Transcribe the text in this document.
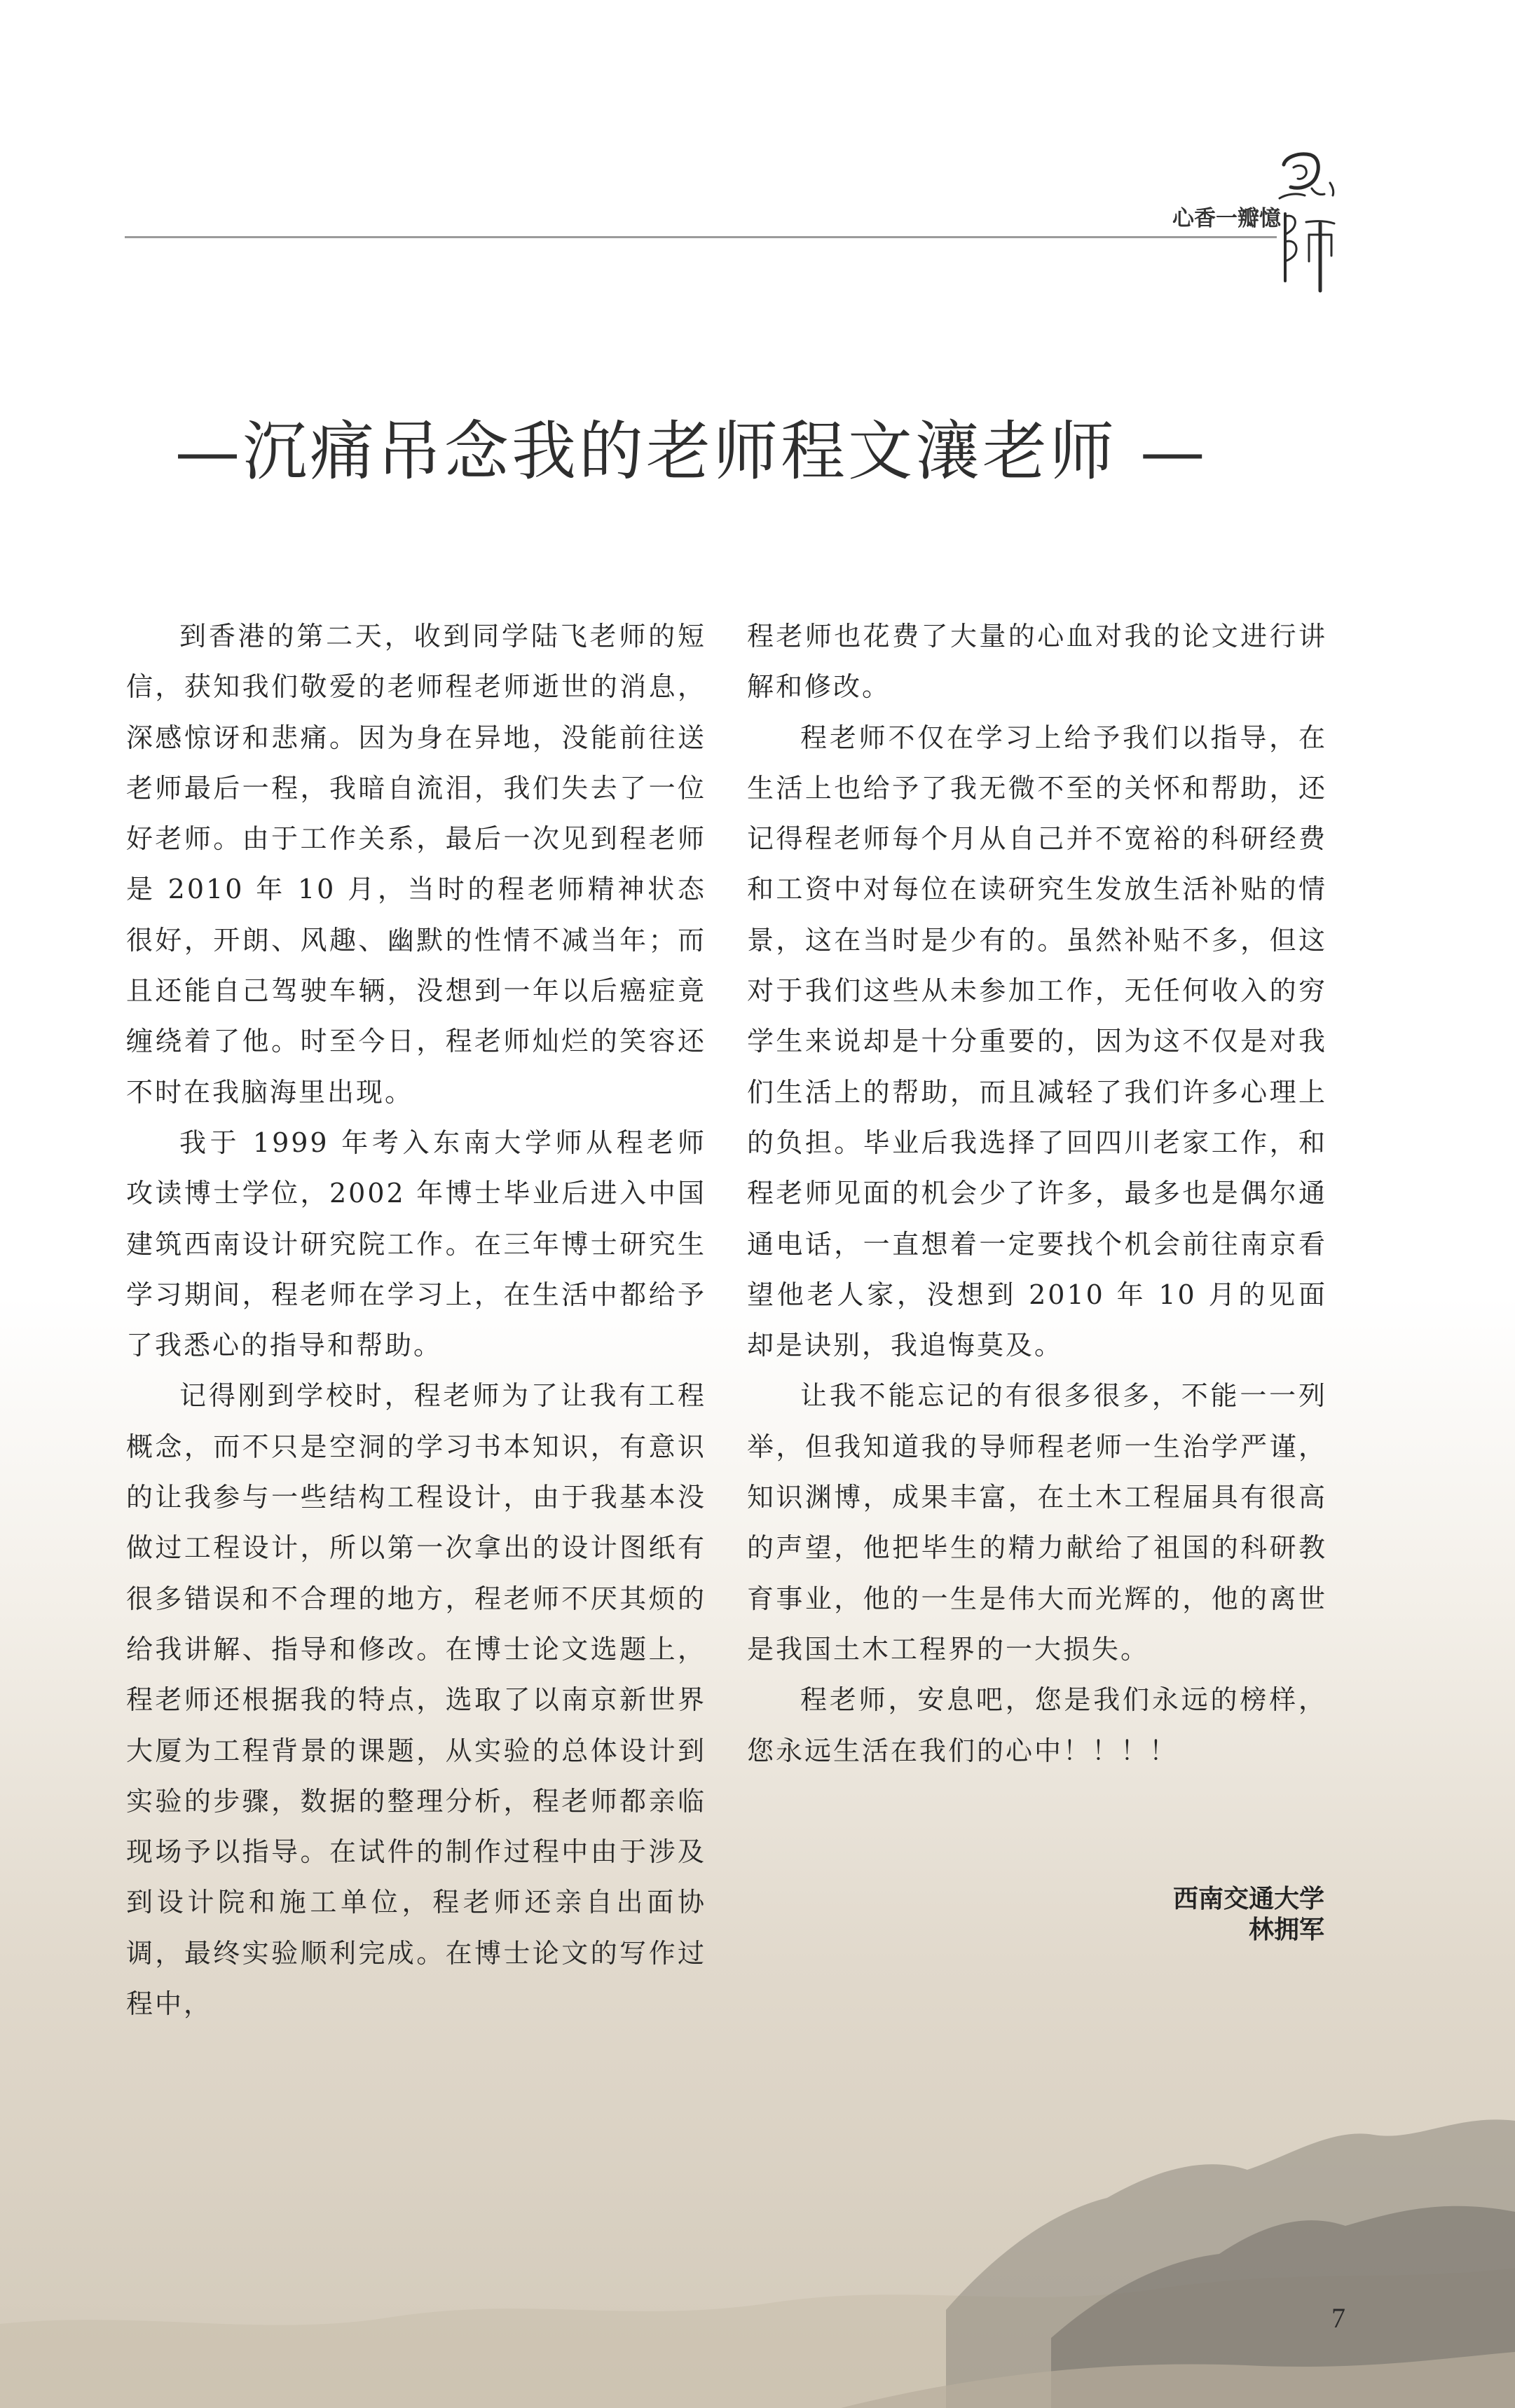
心香一瓣憶
—沉痛吊念我的老师程文瀼老师 —

到香港的第二天，收到同学陆飞老师的短信，获知我们敬爱的老师程老师逝世的消息，深感惊讶和悲痛。因为身在异地，没能前往送老师最后一程，我暗自流泪，我们失去了一位好老师。由于工作关系，最后一次见到程老师是 2010 年 10 月，当时的程老师精神状态很好，开朗、风趣、幽默的性情不减当年；而且还能自己驾驶车辆，没想到一年以后癌症竟缠绕着了他。时至今日，程老师灿烂的笑容还不时在我脑海里出现。

我于 1999 年考入东南大学师从程老师攻读博士学位，2002 年博士毕业后进入中国建筑西南设计研究院工作。在三年博士研究生学习期间，程老师在学习上，在生活中都给予了我悉心的指导和帮助。

记得刚到学校时，程老师为了让我有工程概念，而不只是空洞的学习书本知识，有意识的让我参与一些结构工程设计，由于我基本没做过工程设计，所以第一次拿出的设计图纸有很多错误和不合理的地方，程老师不厌其烦的给我讲解、指导和修改。在博士论文选题上，程老师还根据我的特点，选取了以南京新世界大厦为工程背景的课题，从实验的总体设计到实验的步骤，数据的整理分析，程老师都亲临现场予以指导。在试件的制作过程中由于涉及到设计院和施工单位，程老师还亲自出面协调，最终实验顺利完成。在博士论文的写作过程中，

程老师也花费了大量的心血对我的论文进行讲解和修改。

程老师不仅在学习上给予我们以指导，在生活上也给予了我无微不至的关怀和帮助，还记得程老师每个月从自己并不宽裕的科研经费和工资中对每位在读研究生发放生活补贴的情景，这在当时是少有的。虽然补贴不多，但这对于我们这些从未参加工作，无任何收入的穷学生来说却是十分重要的，因为这不仅是对我们生活上的帮助，而且减轻了我们许多心理上的负担。毕业后我选择了回四川老家工作，和程老师见面的机会少了许多，最多也是偶尔通通电话，一直想着一定要找个机会前往南京看望他老人家，没想到 2010 年 10 月的见面却是诀别，我追悔莫及。

让我不能忘记的有很多很多，不能一一列举，但我知道我的导师程老师一生治学严谨，知识渊博，成果丰富，在土木工程届具有很高的声望，他把毕生的精力献给了祖国的科研教育事业，他的一生是伟大而光辉的，他的离世是我国土木工程界的一大损失。

程老师，安息吧，您是我们永远的榜样，您永远生活在我们的心中！！！！

西南交通大学
林拥军
7
